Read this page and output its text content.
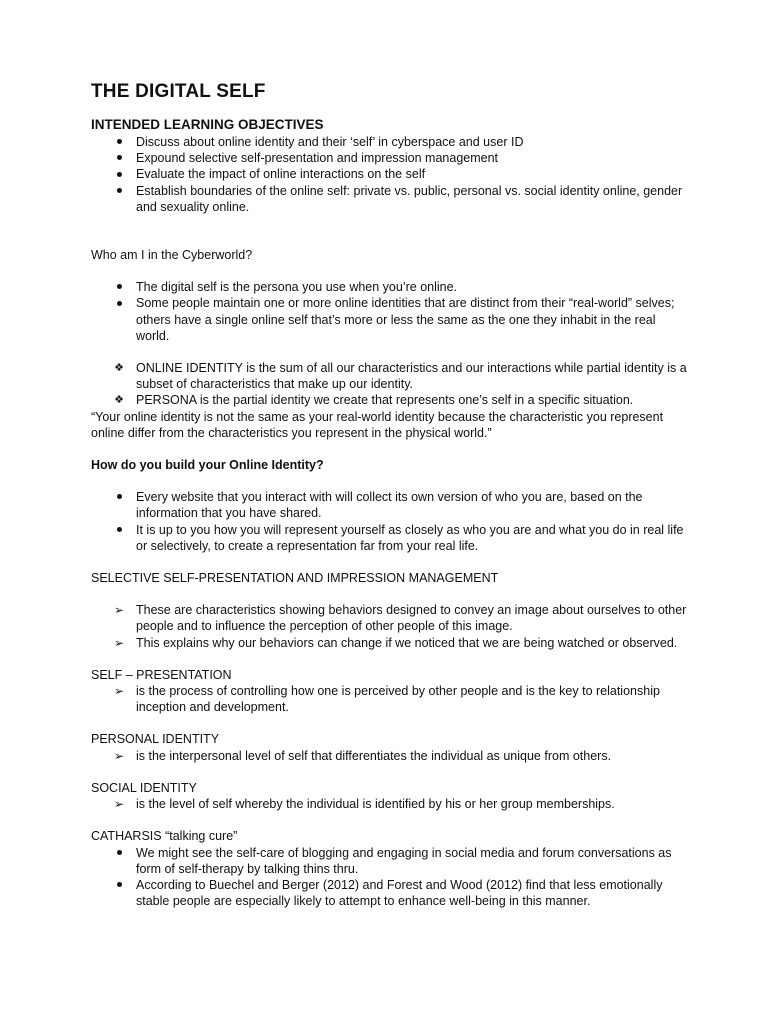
THE DIGITAL SELF
INTENDED LEARNING OBJECTIVES
Discuss about online identity and their ‘self’ in cyberspace and user ID
Expound selective self-presentation and impression management
Evaluate the impact of online interactions on the self
Establish boundaries of the online self: private vs. public, personal vs. social identity online, gender and sexuality online.

Who am I in the Cyberworld?

The digital self is the persona you use when you’re online.
Some people maintain one or more online identities that are distinct from their “real-world” selves; others have a single online self that’s more or less the same as the one they inhabit in the real world.
❖ ONLINE IDENTITY is the sum of all our characteristics and our interactions while partial identity is a subset of characteristics that make up our identity.
❖ PERSONA is the partial identity we create that represents one’s self in a specific situation.

“Your online identity is not the same as your real-world identity because the characteristic you represent online differ from the characteristics you represent in the physical world.”

How do you build your Online Identity?

Every website that you interact with will collect its own version of who you are, based on the information that you have shared.
It is up to you how you will represent yourself as closely as who you are and what you do in real life or selectively, to create a representation far from your real life.

SELECTIVE SELF-PRESENTATION AND IMPRESSION MANAGEMENT

➢ These are characteristics showing behaviors designed to convey an image about ourselves to other people and to influence the perception of other people of this image.
➢ This explains why our behaviors can change if we noticed that we are being watched or observed.

SELF – PRESENTATION

➢ is the process of controlling how one is perceived by other people and is the key to relationship inception and development.

PERSONAL IDENTITY

➢ is the interpersonal level of self that differentiates the individual as unique from others.

SOCIAL IDENTITY

➢ is the level of self whereby the individual is identified by his or her group memberships.

CATHARSIS “talking cure”

We might see the self-care of blogging and engaging in social media and forum conversations as form of self-therapy by talking thins thru.
According to Buechel and Berger (2012) and Forest and Wood (2012) find that less emotionally stable people are especially likely to attempt to enhance well-being in this manner.
